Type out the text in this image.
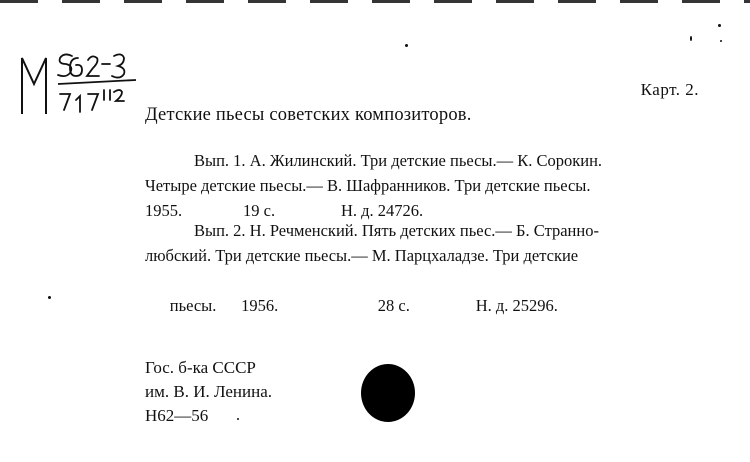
Карт. 2.
Детские пьесы советских композиторов.

Вып. 1. А. Жилинский. Три детские пьесы.— К. Сорокин.

Четыре детские пьесы.— В. Шафранников. Три детские пьесы.

1955.	19 с.	Н. д. 24726.

Вып. 2. Н. Речменский. Пять детских пьес.— Б. Странно-

любский. Три детские пьесы.— М. Парцхаладзе. Три детские

пьесы.      1956.	28 с.	Н. д. 25296.

Гос. б-ка СССР

им. В. И. Ленина.

Н62—56
